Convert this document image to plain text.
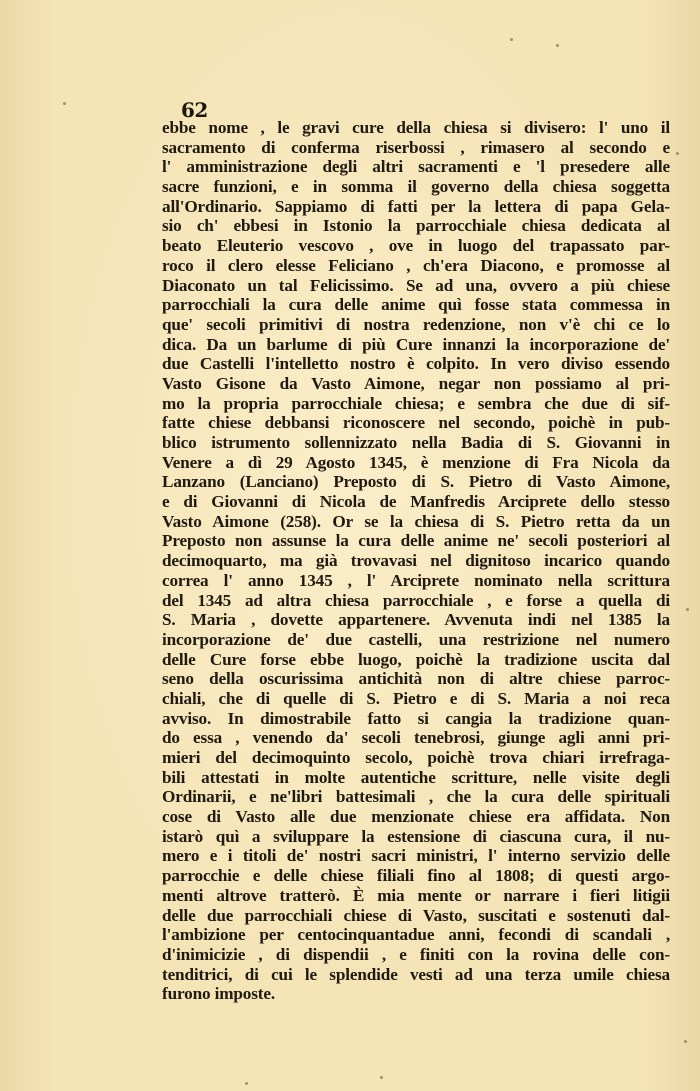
62
ebbe nome , le gravi cure della chiesa si divisero: l' uno il
sacramento di conferma riserbossi , rimasero al secondo e
l' amministrazione degli altri sacramenti e 'l presedere alle
sacre funzioni, e in somma il governo della chiesa soggetta
all'Ordinario. Sappiamo di fatti per la lettera di papa Gela-
sio ch' ebbesi in Istonio la parrocchiale chiesa dedicata al
beato Eleuterio vescovo , ove in luogo del trapassato par-
roco il clero elesse Feliciano , ch'era Diacono, e promosse al
Diaconato un tal Felicissimo. Se ad una, ovvero a più chiese
parrocchiali la cura delle anime quì fosse stata commessa in
que' secoli primitivi di nostra redenzione, non v'è chi ce lo
dica. Da un barlume di più Cure innanzi la incorporazione de'
due Castelli l'intelletto nostro è colpito. In vero diviso essendo
Vasto Gisone da Vasto Aimone, negar non possiamo al pri-
mo la propria parrocchiale chiesa; e sembra che due di sif-
fatte chiese debbansi riconoscere nel secondo, poichè in pub-
blico istrumento sollennizzato nella Badia di S. Giovanni in
Venere a dì 29 Agosto 1345, è menzione di Fra Nicola da
Lanzano (Lanciano) Preposto di S. Pietro di Vasto Aimone,
e di Giovanni di Nicola de Manfredis Arciprete dello stesso
Vasto Aimone (258). Or se la chiesa di S. Pietro retta da un
Preposto non assunse la cura delle anime ne' secoli posteriori al
decimoquarto, ma già trovavasi nel dignitoso incarico quando
correa l' anno 1345 , l' Arciprete nominato nella scrittura
del 1345 ad altra chiesa parrocchiale , e forse a quella di
S. Maria , dovette appartenere. Avvenuta indi nel 1385 la
incorporazione de' due castelli, una restrizione nel numero
delle Cure forse ebbe luogo, poichè la tradizione uscita dal
seno della oscurissima antichità non di altre chiese parroc-
chiali, che di quelle di S. Pietro e di S. Maria a noi reca
avviso. In dimostrabile fatto si cangia la tradizione quan-
do essa , venendo da' secoli tenebrosi, giunge agli anni pri-
mieri del decimoquinto secolo, poichè trova chiari irrefraga-
bili attestati in molte autentiche scritture, nelle visite degli
Ordinarii, e ne'libri battesimali , che la cura delle spirituali
cose di Vasto alle due menzionate chiese era affidata. Non
istarò quì a sviluppare la estensione di ciascuna cura, il nu-
mero e i titoli de' nostri sacri ministri, l' interno servizio delle
parrocchie e delle chiese filiali fino al 1808; di questi argo-
menti altrove tratterò. È mia mente or narrare i fieri litigii
delle due parrocchiali chiese di Vasto, suscitati e sostenuti dal-
l'ambizione per centocinquantadue anni, fecondi di scandali ,
d'inimicizie , di dispendii , e finiti con la rovina delle con-
tenditrici, di cui le splendide vesti ad una terza umile chiesa
furono imposte.
